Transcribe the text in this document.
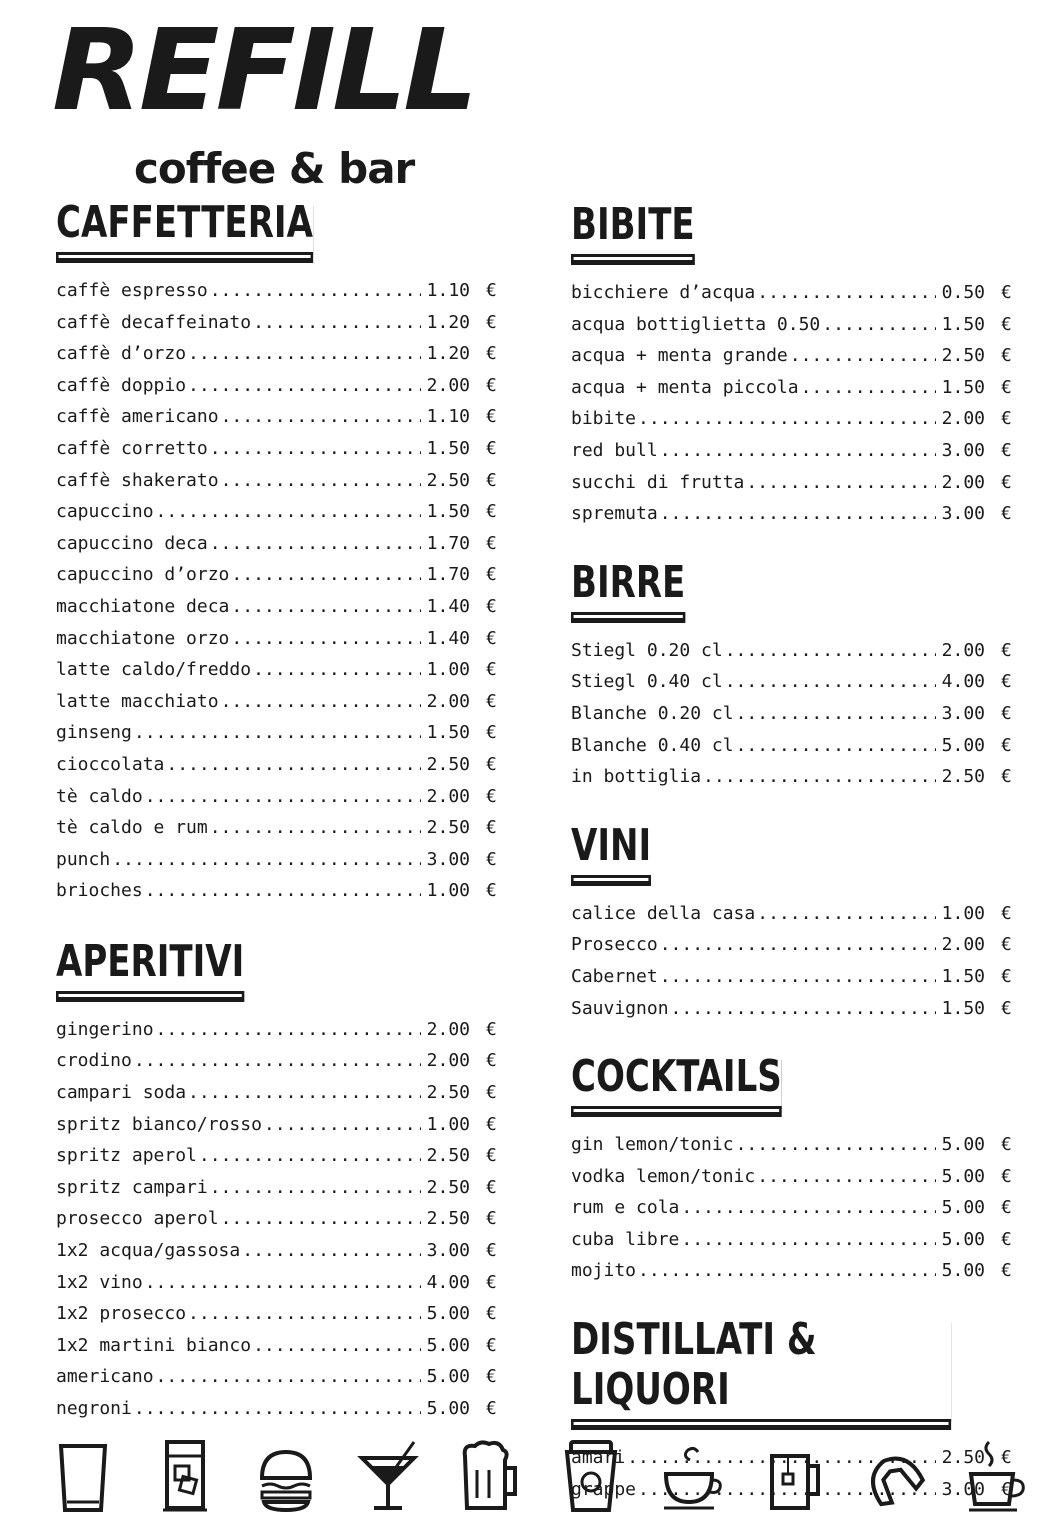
REFILL
coffee & bar
CAFFETTERIA
caffè espresso .....	1.10 €
caffè decaffeinato .....	1.20 €
caffè d’orzo .....	1.20 €
caffè doppio .....	2.00 €
caffè americano .....	1.10 €
caffè corretto .....	1.50 €
caffè shakerato .....	2.50 €
capuccino .....	1.50 €
capuccino deca .....	1.70 €
capuccino d’orzo .....	1.70 €
macchiatone deca .....	1.40 €
macchiatone orzo .....	1.40 €
latte caldo/freddo .....	1.00 €
latte macchiato .....	2.00 €
ginseng .....	1.50 €
cioccolata .....	2.50 €
tè caldo .....	2.00 €
tè caldo e rum .....	2.50 €
punch .....	3.00 €
brioches .....	1.00 €
APERITIVI
gingerino .....	2.00 €
crodino .....	2.00 €
campari soda .....	2.50 €
spritz bianco/rosso .....	1.00 €
spritz aperol .....	2.50 €
spritz campari .....	2.50 €
prosecco aperol .....	2.50 €
1x2 acqua/gassosa .....	3.00 €
1x2 vino .....	4.00 €
1x2 prosecco .....	5.00 €
1x2 martini bianco .....	5.00 €
americano .....	5.00 €
negroni .....	5.00 €
BIBITE
bicchiere d’acqua .....	0.50 €
acqua bottiglietta 0.50 .....	1.50 €
acqua + menta grande .....	2.50 €
acqua + menta piccola .....	1.50 €
bibite .....	2.00 €
red bull .....	3.00 €
succhi di frutta .....	2.00 €
spremuta .....	3.00 €
BIRRE
Stiegl 0.20 cl .....	2.00 €
Stiegl 0.40 cl .....	4.00 €
Blanche 0.20 cl .....	3.00 €
Blanche 0.40 cl .....	5.00 €
in bottiglia .....	2.50 €
VINI
calice della casa .....	1.00 €
Prosecco .....	2.00 €
Cabernet .....	1.50 €
Sauvignon .....	1.50 €
COCKTAILS
gin lemon/tonic .....	5.00 €
vodka lemon/tonic .....	5.00 €
rum e cola .....	5.00 €
cuba libre .....	5.00 €
mojito .....	5.00 €
DISTILLATI & LIQUORI
amari .....	2.50 €
grappe .....	3.00 €
